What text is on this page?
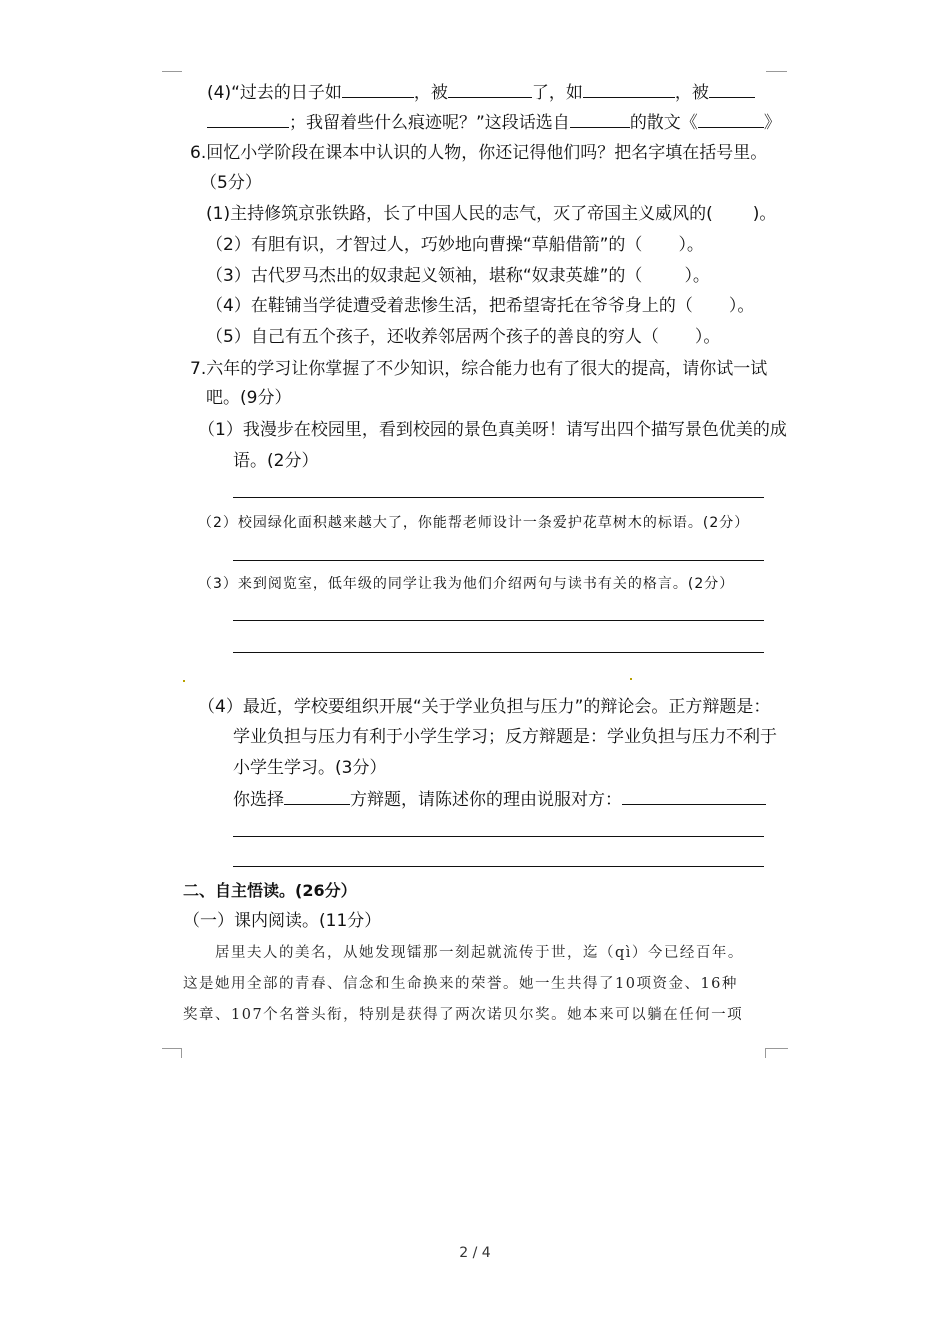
(4)“过去的日子如	，被	了，如	，被
；我留着些什么痕迹呢？”这段话选自	的散文《	》
6.回忆小学阶段在课本中认识的人物，你还记得他们吗？把名字填在括号里。
（5分）
(1)主持修筑京张铁路，长了中国人民的志气，灭了帝国主义威风的( )。
（2）有胆有识，才智过人，巧妙地向曹操“草船借箭”的（ ）。
（3）古代罗马杰出的奴隶起义领袖，堪称“奴隶英雄”的（ ）。
（4）在鞋铺当学徒遭受着悲惨生活，把希望寄托在爷爷身上的（ ）。
（5）自己有五个孩子，还收养邻居两个孩子的善良的穷人（ ）。
7.六年的学习让你掌握了不少知识，综合能力也有了很大的提高，请你试一试
吧。(9分）
（1）我漫步在校园里，看到校园的景色真美呀！请写出四个描写景色优美的成
语。(2分）
（2）校园绿化面积越来越大了，你能帮老师设计一条爱护花草树木的标语。(2分）
（3）来到阅览室，低年级的同学让我为他们介绍两句与读书有关的格言。(2分）
（4）最近，学校要组织开展“关于学业负担与压力”的辩论会。正方辩题是：
学业负担与压力有利于小学生学习；反方辩题是：学业负担与压力不利于
小学生学习。(3分）
你选择	方辩题，请陈述你的理由说服对方：
二、自主悟读。(26分）
（一）课内阅读。(11分）
居里夫人的美名，从她发现镭那一刻起就流传于世，迄（qì）今已经百年。
这是她用全部的青春、信念和生命换来的荣誉。她一生共得了10项资金、16种
奖章、107个名誉头衔，特别是获得了两次诺贝尔奖。她本来可以躺在任何一项
2 / 4
